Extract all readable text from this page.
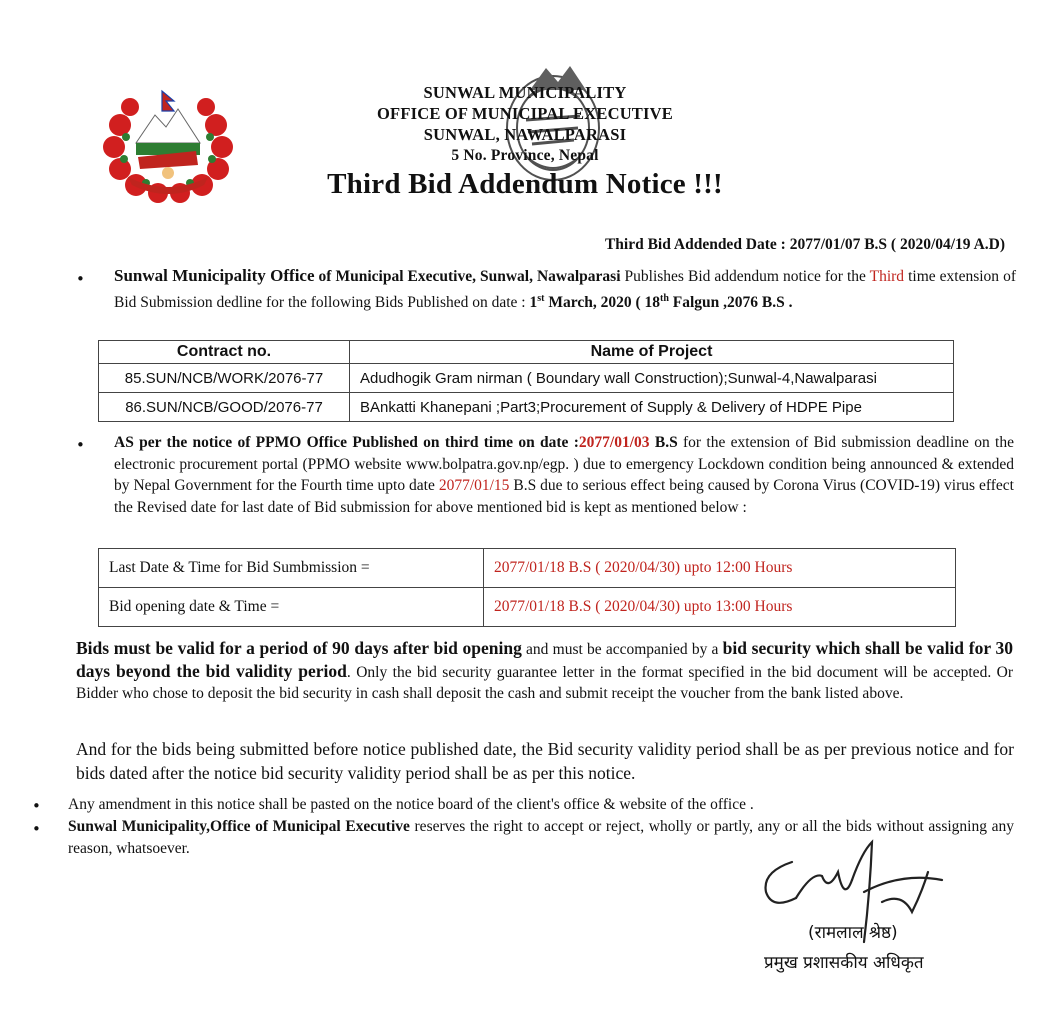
SUNWAL MUNICIPALITY
OFFICE OF MUNICIPAL EXECUTIVE
SUNWAL, NAWALPARASI
5 No. Province, Nepal
Third Bid Addendum Notice !!!
Third Bid Addended Date : 2077/01/07 B.S ( 2020/04/19 A.D)
• Sunwal Municipality Office of Municipal Executive, Sunwal, Nawalparasi Publishes Bid addendum notice for the Third time extension of Bid Submission dedline for the following Bids Published on date : 1st March, 2020 ( 18th Falgun ,2076 B.S .
Contract no.	Name of Project
85.SUN/NCB/WORK/2076-77	Adudhogik Gram nirman ( Boundary wall Construction);Sunwal-4,Nawalparasi
86.SUN/NCB/GOOD/2076-77	BAnkatti Khanepani ;Part3;Procurement of Supply & Delivery of HDPE Pipe
• AS per the notice of PPMO Office Published on third time on date :2077/01/03 B.S for the extension of Bid submission deadline on the electronic procurement portal (PPMO website www.bolpatra.gov.np/egp. ) due to emergency Lockdown condition being announced & extended by Nepal Government for the Fourth time upto date 2077/01/15 B.S due to serious effect being caused by Corona Virus (COVID-19) virus effect the Revised date for last date of Bid submission for above mentioned bid is kept as mentioned below :
Last Date & Time for Bid Sumbmission =	2077/01/18 B.S ( 2020/04/30) upto 12:00 Hours
Bid opening date & Time =	2077/01/18 B.S ( 2020/04/30) upto 13:00 Hours
Bids must be valid for a period of 90 days after bid opening and must be accompanied by a bid security which shall be valid for 30 days beyond the bid validity period. Only the bid security guarantee letter in the format specified in the bid document will be accepted. Or Bidder who chose to deposit the bid security in cash shall deposit the cash and submit receipt the voucher from the bank listed above.
And for the bids being submitted before notice published date, the Bid security validity period shall be as per previous notice and for bids dated after the notice bid security validity period shall be as per this notice.
• Any amendment in this notice shall be pasted on the notice board of the client's office & website of the office .
• Sunwal Municipality,Office of Municipal Executive reserves the right to accept or reject, wholly or partly, any or all the bids without assigning any reason, whatsoever.
(रामलाल श्रेष्ठ)
प्रमुख प्रशासकीय अधिकृत
